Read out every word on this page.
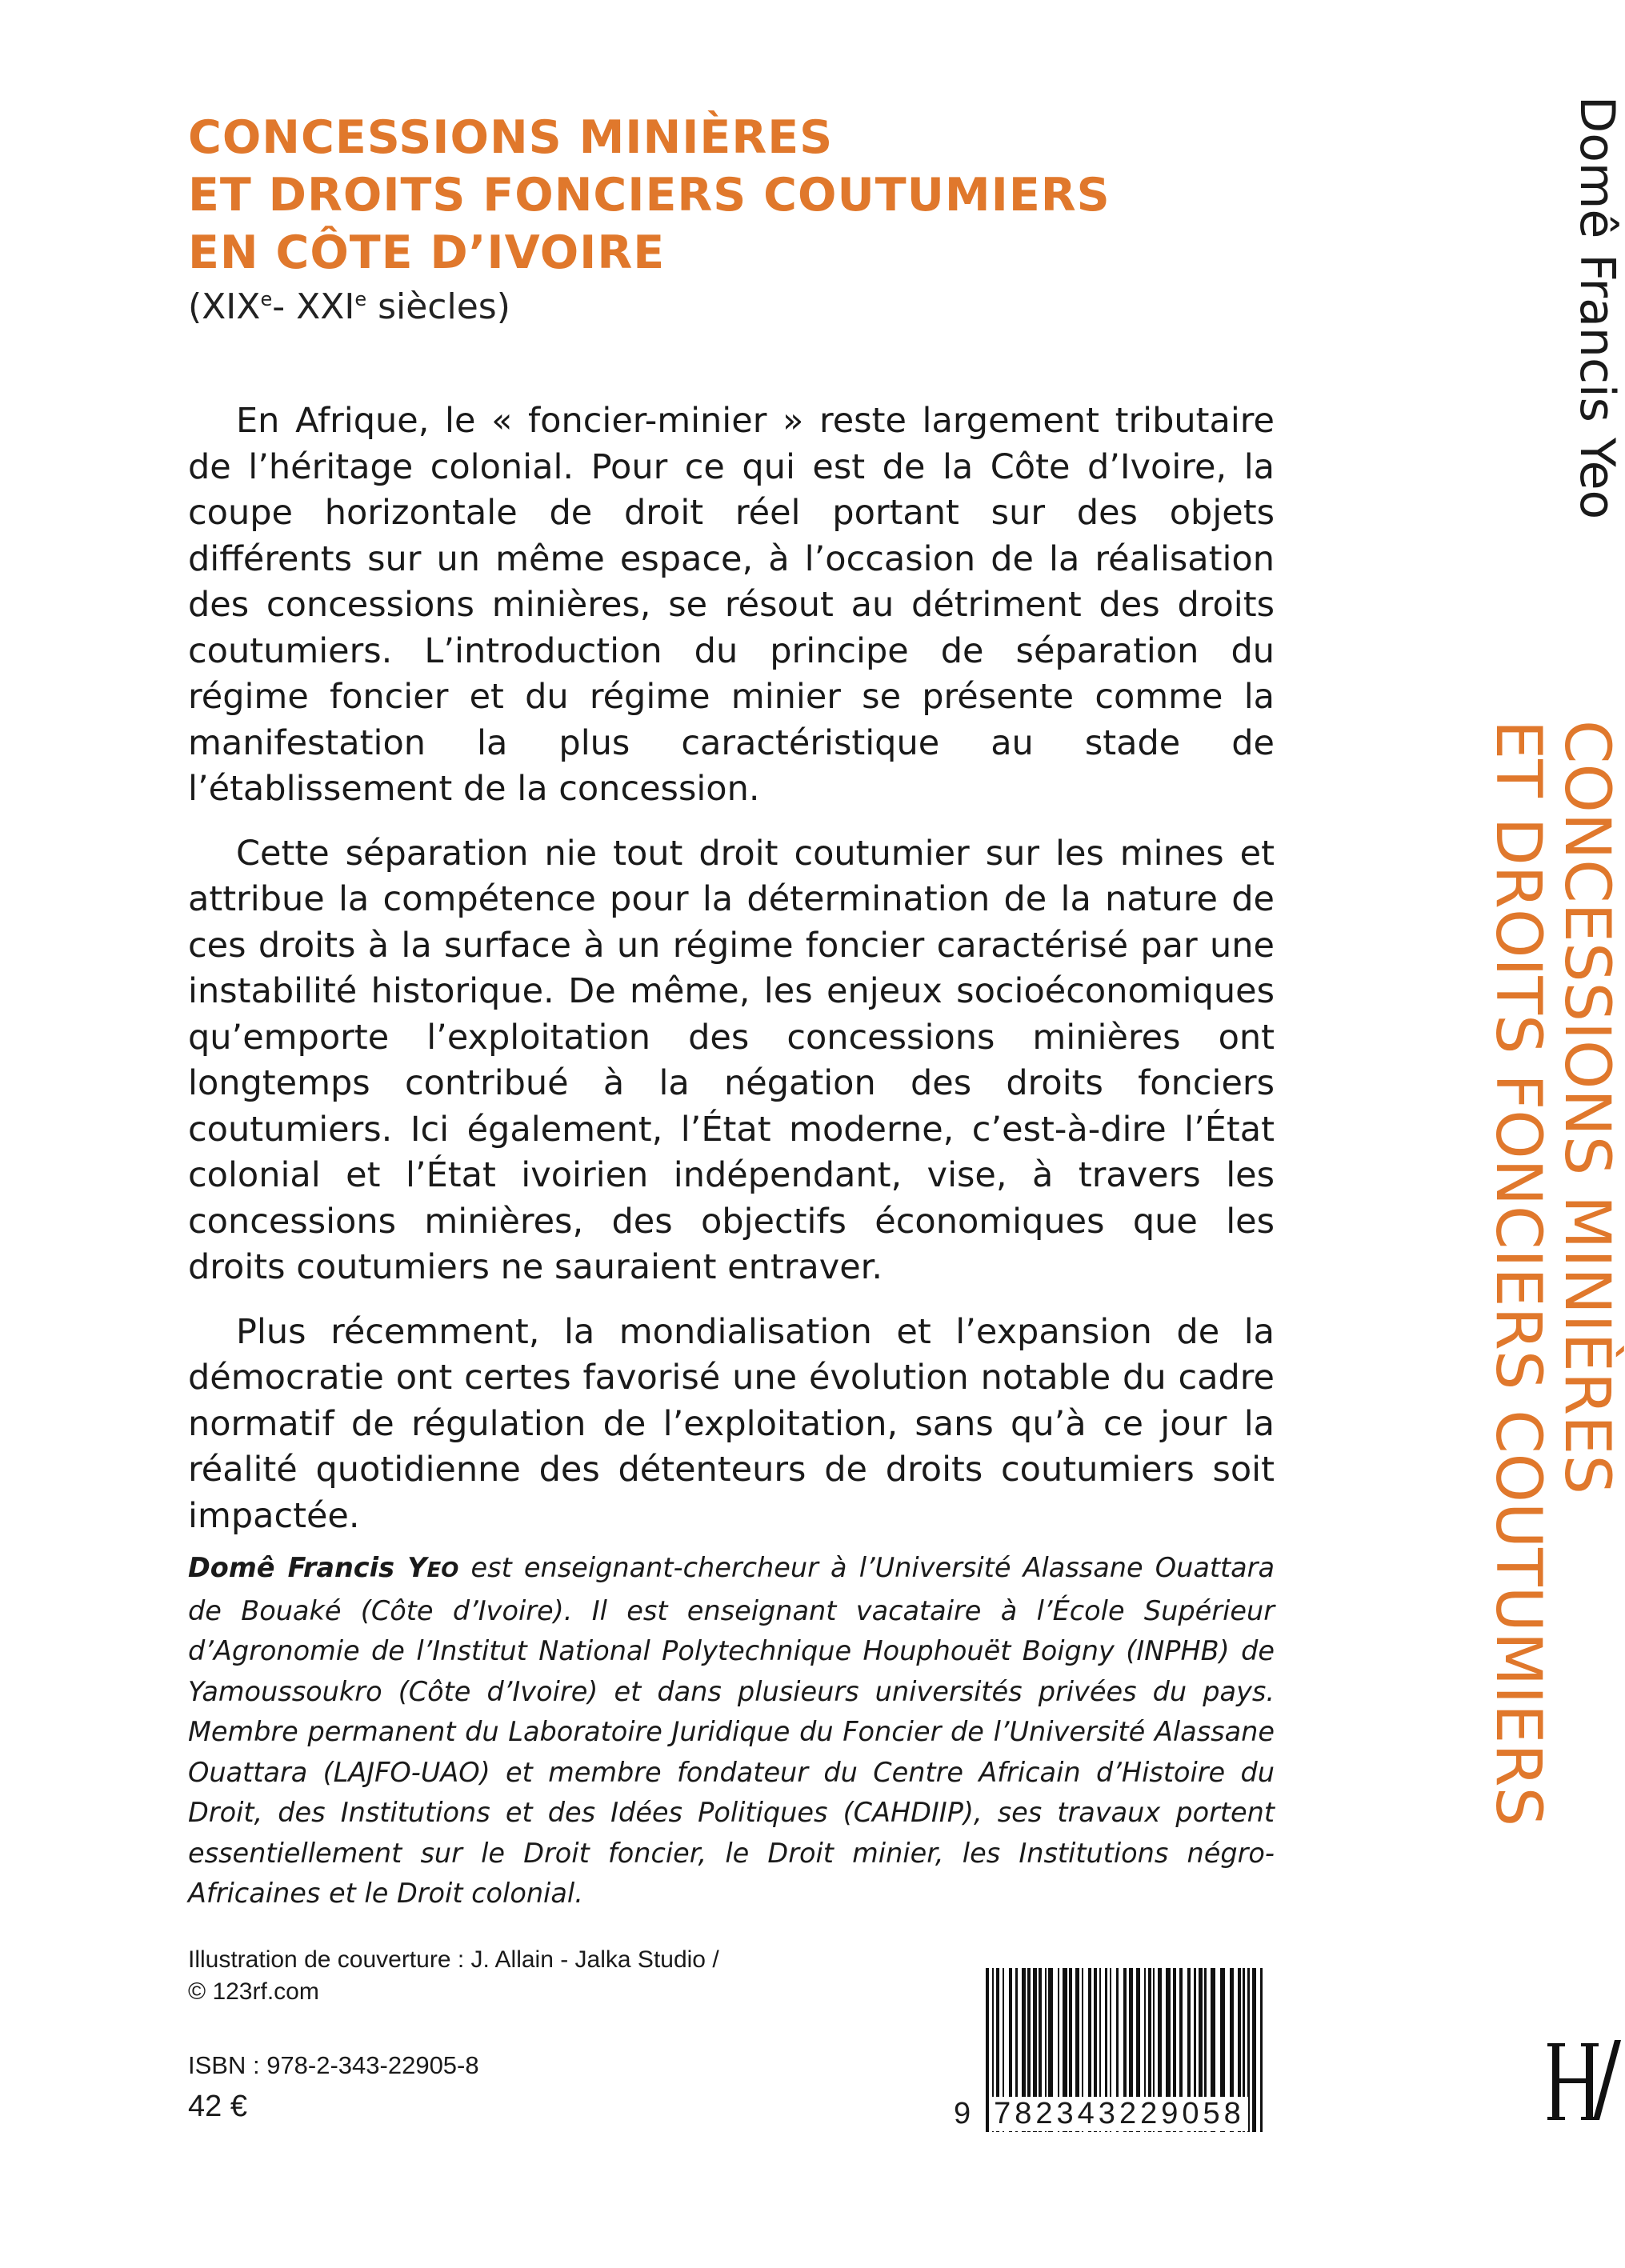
CONCESSIONS MINIÈRES
ET DROITS FONCIERS COUTUMIERS
EN CÔTE D’IVOIRE
(XIXe- XXIe siècles)

En Afrique, le « foncier-minier » reste largement tributaire de l’héritage colonial. Pour ce qui est de la Côte d’Ivoire, la coupe horizontale de droit réel portant sur des objets différents sur un même espace, à l’occasion de la réalisation des concessions minières, se résout au détriment des droits coutumiers. L’introduction du principe de séparation du régime foncier et du régime minier se présente comme la manifestation la plus caractéristique au stade de l’établissement de la concession.

Cette séparation nie tout droit coutumier sur les mines et attribue la compétence pour la détermination de la nature de ces droits à la surface à un régime foncier caractérisé par une instabilité historique. De même, les enjeux socioéconomiques qu’emporte l’exploitation des concessions minières ont longtemps contribué à la négation des droits fonciers coutumiers. Ici également, l’État moderne, c’est-à-dire l’État colonial et l’État ivoirien indépendant, vise, à travers les concessions minières, des objectifs économiques que les droits coutumiers ne sauraient entraver.

Plus récemment, la mondialisation et l’expansion de la démocratie ont certes favorisé une évolution notable du cadre normatif de régulation de l’exploitation, sans qu’à ce jour la réalité quotidienne des détenteurs de droits coutumiers soit impactée.

Domê Francis YEO est enseignant-chercheur à l’Université Alassane Ouattara de Bouaké (Côte d’Ivoire). Il est enseignant vacataire à l’École Supérieur d’Agronomie de l’Institut National Polytechnique Houphouët Boigny (INPHB) de Yamoussoukro (Côte d’Ivoire) et dans plusieurs universités privées du pays. Membre permanent du Laboratoire Juridique du Foncier de l’Université Alassane Ouattara (LAJFO-UAO) et membre fondateur du Centre Africain d’Histoire du Droit, des Institutions et des Idées Politiques (CAHDIIP), ses travaux portent essentiellement sur le Droit foncier, le Droit minier, les Institutions négro-Africaines et le Droit colonial.
Illustration de couverture : J. Allain - Jalka Studio /
© 123rf.com
ISBN : 978-2-343-22905-8
42 €	9 782343229058
Domê Francis Yeo
CONCESSIONS MINIÈRES
ET DROITS FONCIERS COUTUMIERS
